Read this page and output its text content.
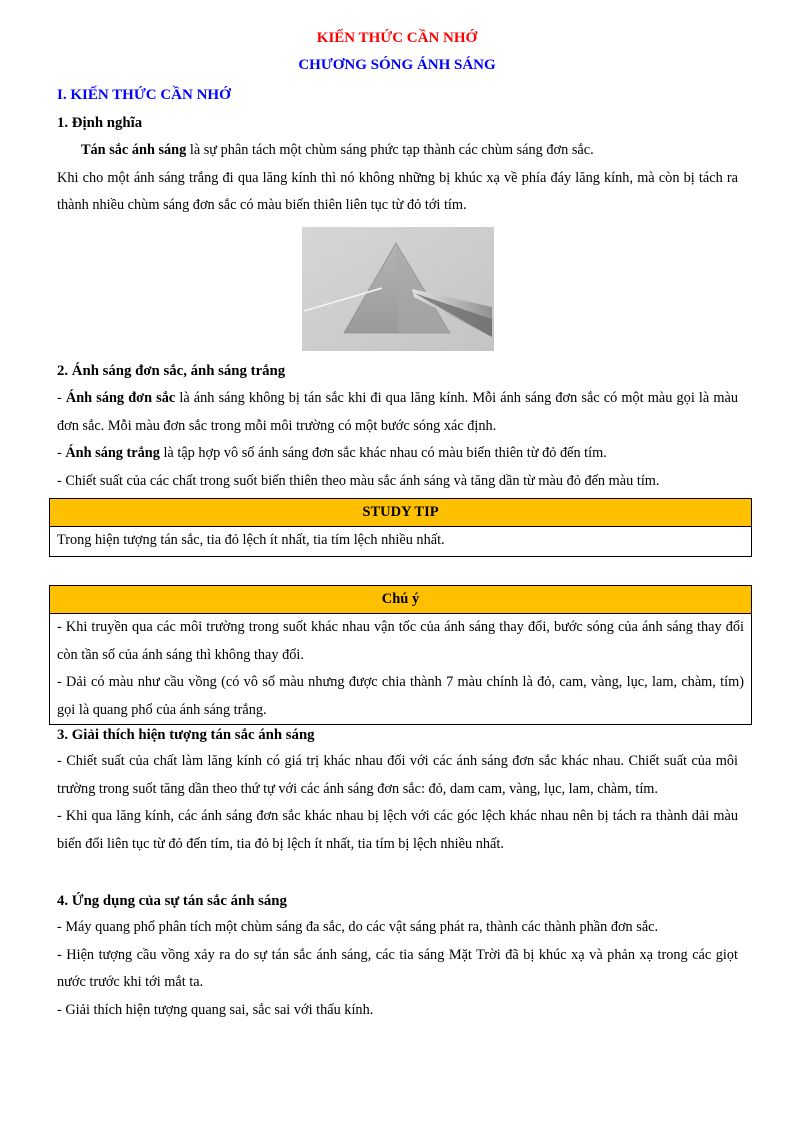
KIẾN THỨC CẦN NHỚ
CHƯƠNG SÓNG ÁNH SÁNG
I. KIẾN THỨC CẦN NHỚ
1. Định nghĩa

Tán sắc ánh sáng là sự phân tách một chùm sáng phức tạp thành các chùm sáng đơn sắc.

Khi cho một ánh sáng trắng đi qua lăng kính thì nó không những bị khúc xạ về phía đáy lăng kính, mà còn bị tách ra thành nhiều chùm sáng đơn sắc có màu biến thiên liên tục từ đỏ tới tím.

2. Ánh sáng đơn sắc, ánh sáng trắng

- Ánh sáng đơn sắc là ánh sáng không bị tán sắc khi đi qua lăng kính. Mỗi ánh sáng đơn sắc có một màu gọi là màu đơn sắc. Mỗi màu đơn sắc trong mỗi môi trường có một bước sóng xác định.

- Ánh sáng trắng là tập hợp vô số ánh sáng đơn sắc khác nhau có màu biến thiên từ đỏ đến tím.

- Chiết suất của các chất trong suốt biến thiên theo màu sắc ánh sáng và tăng dần từ màu đỏ đến màu tím.

STUDY TIP

Trong hiện tượng tán sắc, tia đỏ lệch ít nhất, tia tím lệch nhiều nhất.

Chú ý

- Khi truyền qua các môi trường trong suốt khác nhau vận tốc của ánh sáng thay đổi, bước sóng của ánh sáng thay đổi còn tần số của ánh sáng thì không thay đổi.

- Dải có màu như cầu vồng (có vô số màu nhưng được chia thành 7 màu chính là đỏ, cam, vàng, lục, lam, chàm, tím) gọi là quang phổ của ánh sáng trắng.

3. Giải thích hiện tượng tán sắc ánh sáng

- Chiết suất của chất làm lăng kính có giá trị khác nhau đối với các ánh sáng đơn sắc khác nhau. Chiết suất của môi trường trong suốt tăng dần theo thứ tự với các ánh sáng đơn sắc: đỏ, dam cam, vàng, lục, lam, chàm, tím.

- Khi qua lăng kính, các ánh sáng đơn sắc khác nhau bị lệch với các góc lệch khác nhau nên bị tách ra thành dải màu biến đổi liên tục từ đỏ đến tím, tia đỏ bị lệch ít nhất, tia tím bị lệch nhiều nhất.

4. Ứng dụng của sự tán sắc ánh sáng

- Máy quang phổ phân tích một chùm sáng đa sắc, do các vật sáng phát ra, thành các thành phần đơn sắc.

- Hiện tượng cầu vồng xảy ra do sự tán sắc ánh sáng, các tia sáng Mặt Trời đã bị khúc xạ và phản xạ trong các giọt nước trước khi tới mắt ta.

- Giải thích hiện tượng quang sai, sắc sai với thấu kính.
